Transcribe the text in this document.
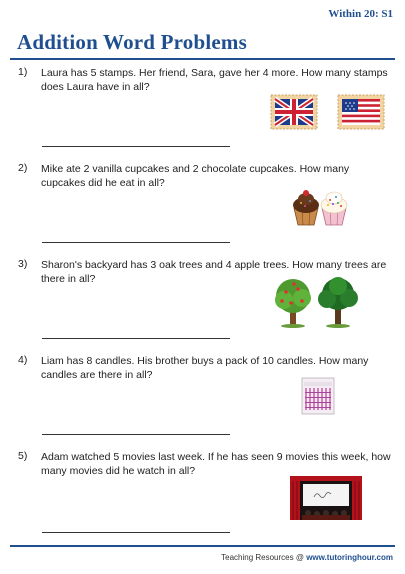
Within 20: S1
Addition Word Problems
1) Laura has 5 stamps. Her friend, Sara, gave her 4 more. How many stamps does Laura have in all?
2) Mike ate 2 vanilla cupcakes and 2 chocolate cupcakes. How many cupcakes did he eat in all?
3) Sharon's backyard has 3 oak trees and 4 apple trees. How many trees are there in all?
4) Liam has 8 candles. His brother buys a pack of 10 candles. How many candles are there in all?
5) Adam watched 5 movies last week. If he has seen 9 movies this week, how many movies did he watch in all?
Teaching Resources @ www.tutoringhour.com
